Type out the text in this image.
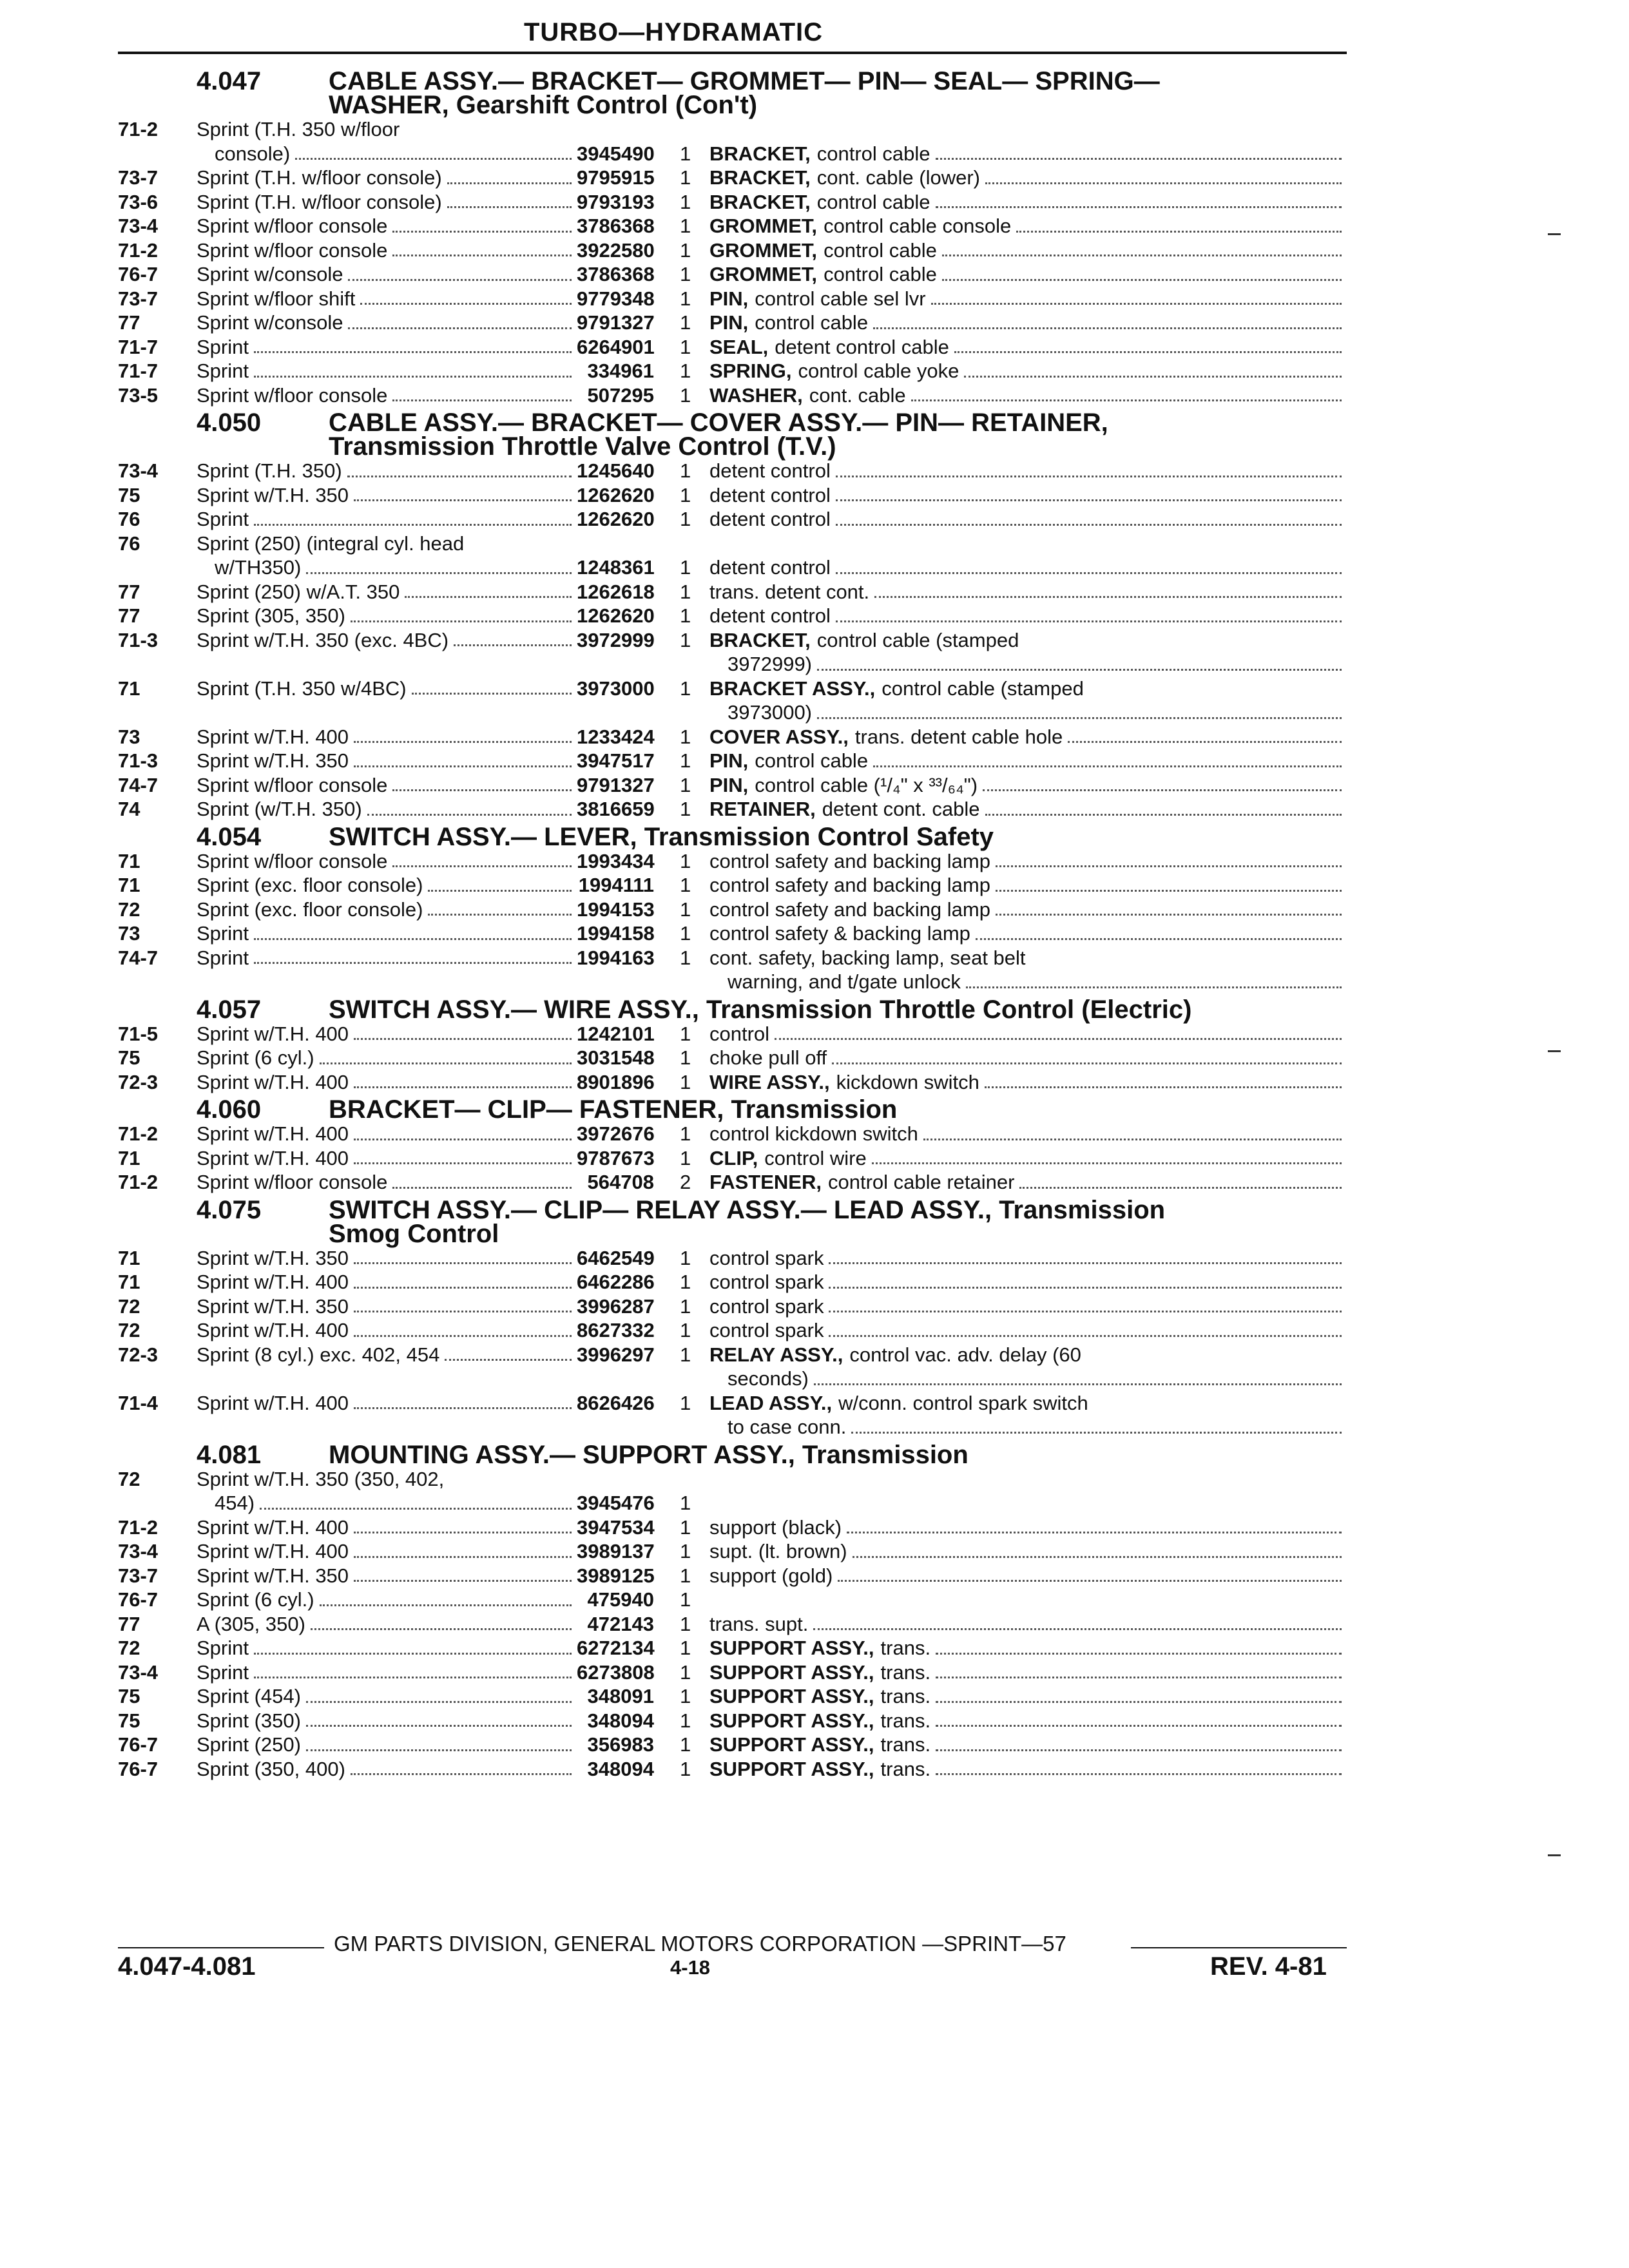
TURBO—HYDRAMATIC
4.047	CABLE ASSY.— BRACKET— GROMMET— PIN— SEAL— SPRING—
WASHER, Gearshift Control (Con't)
71-2	Sprint (T.H. 350 w/floor
console)	3945490	1 BRACKET, control cable
73-7	Sprint (T.H. w/floor console)	9795915	1 BRACKET, cont. cable (lower)
73-6	Sprint (T.H. w/floor console)	9793193	1 BRACKET, control cable
73-4	Sprint w/floor console	3786368	1 GROMMET, control cable console
71-2	Sprint w/floor console	3922580	1 GROMMET, control cable
76-7	Sprint w/console	3786368	1 GROMMET, control cable
73-7	Sprint w/floor shift	9779348	1 PIN, control cable sel lvr
77	Sprint w/console	9791327	1 PIN, control cable
71-7	Sprint	6264901	1 SEAL, detent control cable
71-7	Sprint	334961	1 SPRING, control cable yoke
73-5	Sprint w/floor console	507295	1 WASHER, cont. cable
4.050	CABLE ASSY.— BRACKET— COVER ASSY.— PIN— RETAINER,
Transmission Throttle Valve Control (T.V.)
73-4	Sprint (T.H. 350)	1245640	1 detent control
75	Sprint w/T.H. 350	1262620	1 detent control
76	Sprint	1262620	1 detent control
76	Sprint (250) (integral cyl. head
w/TH350)	1248361	1 detent control
77	Sprint (250) w/A.T. 350	1262618	1 trans. detent cont.
77	Sprint (305, 350)	1262620	1 detent control
71-3	Sprint w/T.H. 350 (exc. 4BC)	3972999	1 BRACKET, control cable (stamped
3972999)
71	Sprint (T.H. 350 w/4BC)	3973000	1 BRACKET ASSY., control cable (stamped
3973000)
73	Sprint w/T.H. 400	1233424	1 COVER ASSY., trans. detent cable hole
71-3	Sprint w/T.H. 350	3947517	1 PIN, control cable
74-7	Sprint w/floor console	9791327	1 PIN, control cable (¹/₄" x ³³/₆₄")
74	Sprint (w/T.H. 350)	3816659	1 RETAINER, detent cont. cable
4.054	SWITCH ASSY.— LEVER, Transmission Control Safety
71	Sprint w/floor console	1993434	1 control safety and backing lamp
71	Sprint (exc. floor console)	1994111	1 control safety and backing lamp
72	Sprint (exc. floor console)	1994153	1 control safety and backing lamp
73	Sprint	1994158	1 control safety & backing lamp
74-7	Sprint	1994163	1 cont. safety, backing lamp, seat belt
warning, and t/gate unlock
4.057	SWITCH ASSY.— WIRE ASSY., Transmission Throttle Control (Electric)
71-5	Sprint w/T.H. 400	1242101	1 control
75	Sprint (6 cyl.)	3031548	1 choke pull off
72-3	Sprint w/T.H. 400	8901896	1 WIRE ASSY., kickdown switch
4.060	BRACKET— CLIP— FASTENER, Transmission
71-2	Sprint w/T.H. 400	3972676	1 control kickdown switch
71	Sprint w/T.H. 400	9787673	1 CLIP, control wire
71-2	Sprint w/floor console	564708	2 FASTENER, control cable retainer
4.075	SWITCH ASSY.— CLIP— RELAY ASSY.— LEAD ASSY., Transmission
Smog Control
71	Sprint w/T.H. 350	6462549	1 control spark
71	Sprint w/T.H. 400	6462286	1 control spark
72	Sprint w/T.H. 350	3996287	1 control spark
72	Sprint w/T.H. 400	8627332	1 control spark
72-3	Sprint (8 cyl.) exc. 402, 454	3996297	1 RELAY ASSY., control vac. adv. delay (60
seconds)
71-4	Sprint w/T.H. 400	8626426	1 LEAD ASSY., w/conn. control spark switch
to case conn.
4.081	MOUNTING ASSY.— SUPPORT ASSY., Transmission
72	Sprint w/T.H. 350 (350, 402,
454)	3945476	1
71-2	Sprint w/T.H. 400	3947534	1 support (black)
73-4	Sprint w/T.H. 400	3989137	1 supt. (lt. brown)
73-7	Sprint w/T.H. 350	3989125	1 support (gold)
76-7	Sprint (6 cyl.)	475940	1
77	A (305, 350)	472143	1 trans. supt.
72	Sprint	6272134	1 SUPPORT ASSY., trans.
73-4	Sprint	6273808	1 SUPPORT ASSY., trans.
75	Sprint (454)	348091	1 SUPPORT ASSY., trans.
75	Sprint (350)	348094	1 SUPPORT ASSY., trans.
76-7	Sprint (250)	356983	1 SUPPORT ASSY., trans.
76-7	Sprint (350, 400)	348094	1 SUPPORT ASSY., trans.
GM PARTS DIVISION, GENERAL MOTORS CORPORATION —SPRINT—57
4.047-4.081	4-18	REV. 4-81
